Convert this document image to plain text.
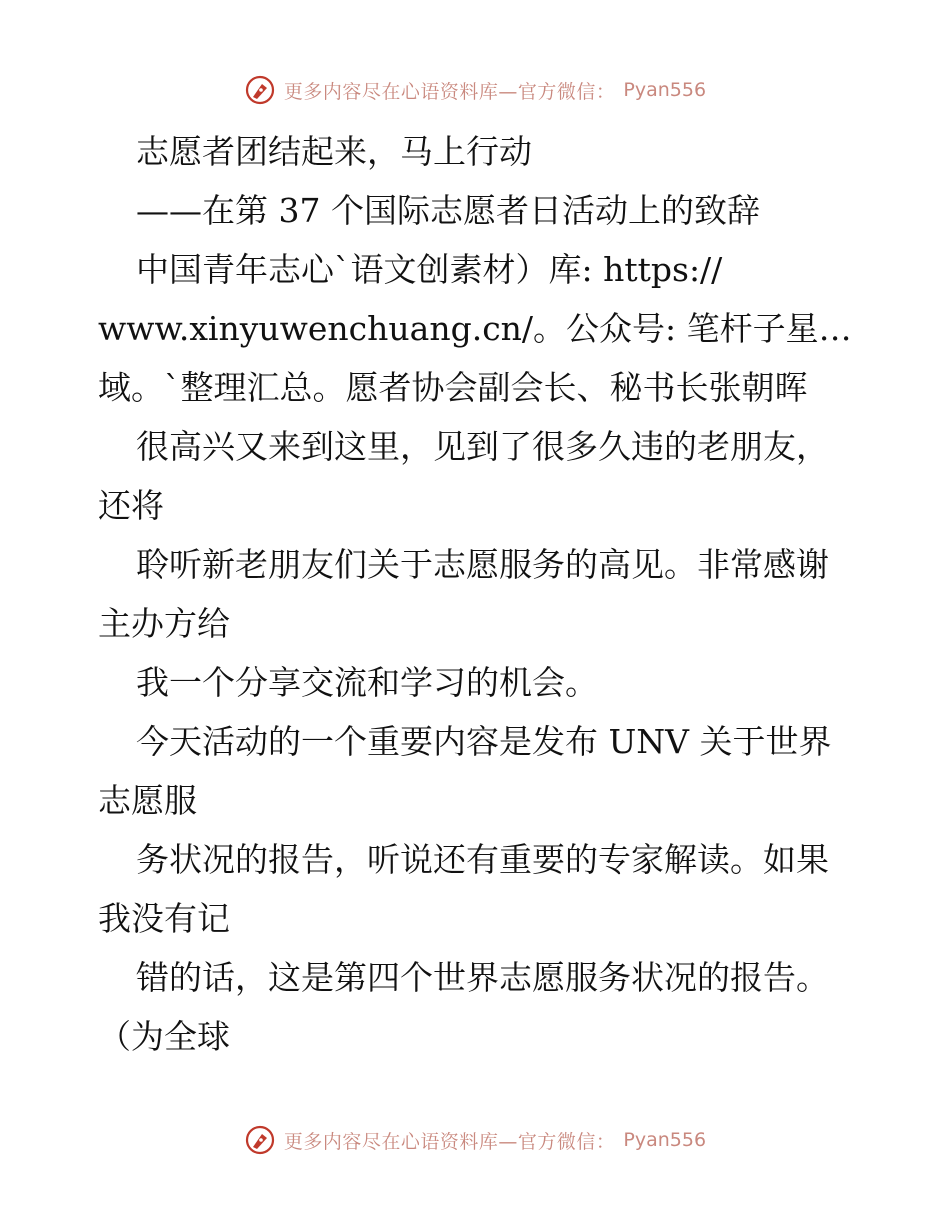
更多内容尽在心语资料库—官方微信： Pyan556
志愿者团结起来，马上行动
——在第 37 个国际志愿者日活动上的致辞
中国青年志心`语文创素材）库: https://
www.xinyuwenchuang.cn/。公众号: 笔杆子星…
域。`整理汇总。愿者协会副会长、秘书长张朝晖
很高兴又来到这里，见到了很多久违的老朋友，
还将
聆听新老朋友们关于志愿服务的高见。非常感谢
主办方给
我一个分享交流和学习的机会。
今天活动的一个重要内容是发布 UNV 关于世界
志愿服
务状况的报告，听说还有重要的专家解读。如果
我没有记
错的话，这是第四个世界志愿服务状况的报告。
（为全球
更多内容尽在心语资料库—官方微信： Pyan556
